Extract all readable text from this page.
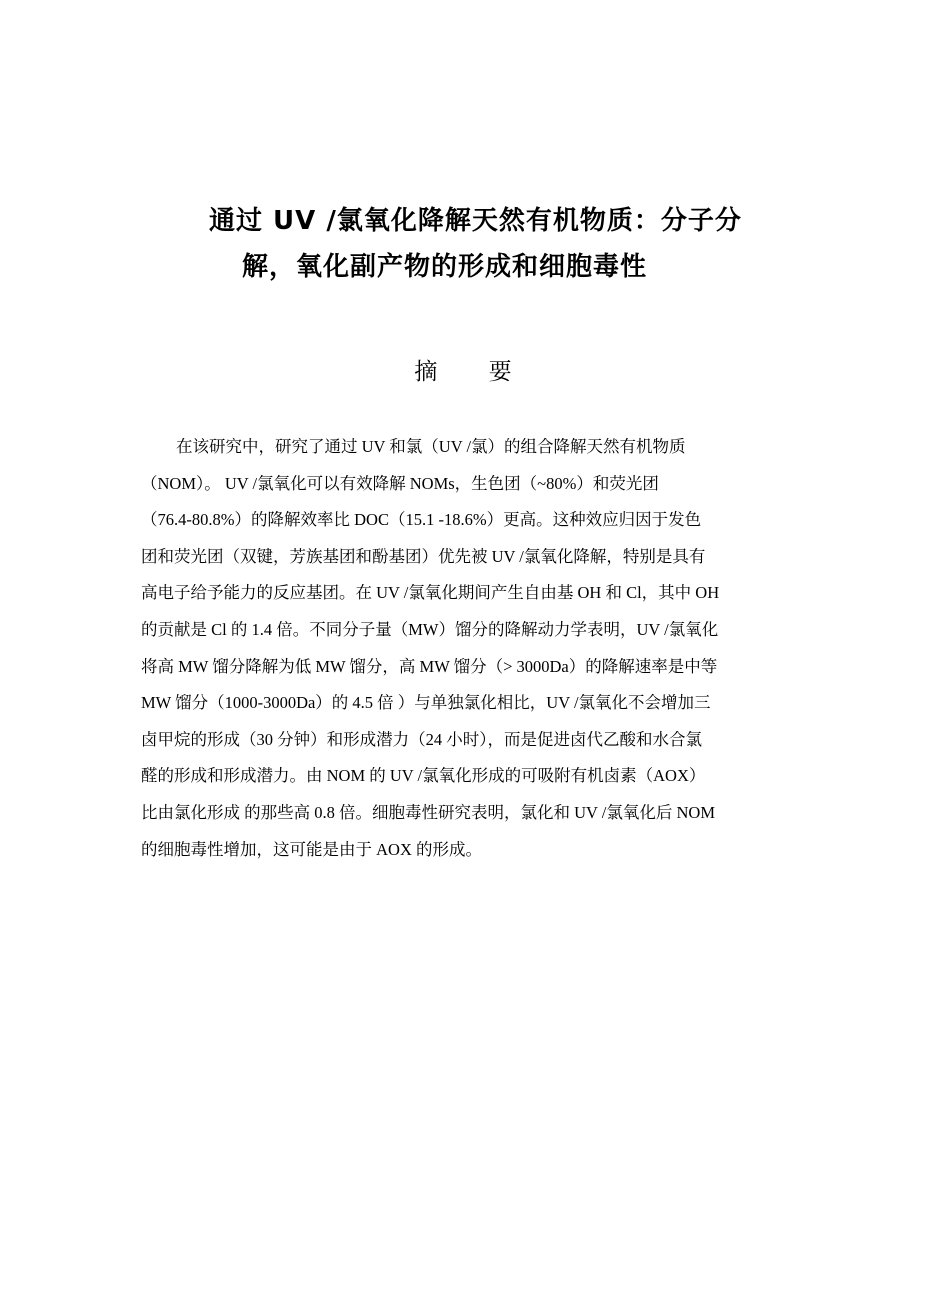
通过 UV /氯氧化降解天然有机物质：分子分
解，氧化副产物的形成和细胞毒性
摘 要
在该研究中，研究了通过 UV 和氯（UV /氯）的组合降解天然有机物质
（NOM）。 UV /氯氧化可以有效降解 NOMs，生色团（~80%）和荧光团
（76.4-80.8%）的降解效率比 DOC（15.1 -18.6%）更高。这种效应归因于发色
团和荧光团（双键，芳族基团和酚基团）优先被 UV /氯氧化降解，特别是具有
高电子给予能力的反应基团。在 UV /氯氧化期间产生自由基 OH 和 Cl，其中 OH
的贡献是 Cl 的 1.4 倍。不同分子量（MW）馏分的降解动力学表明，UV /氯氧化
将高 MW 馏分降解为低 MW 馏分，高 MW 馏分（> 3000Da）的降解速率是中等
MW 馏分（1000-3000Da）的 4.5 倍 ）与单独氯化相比，UV /氯氧化不会增加三
卤甲烷的形成（30 分钟）和形成潜力（24 小时），而是促进卤代乙酸和水合氯
醛的形成和形成潜力。由 NOM 的 UV /氯氧化形成的可吸附有机卤素（AOX）
比由氯化形成 的那些高 0.8 倍。细胞毒性研究表明，氯化和 UV /氯氧化后 NOM
的细胞毒性增加，这可能是由于 AOX 的形成。
